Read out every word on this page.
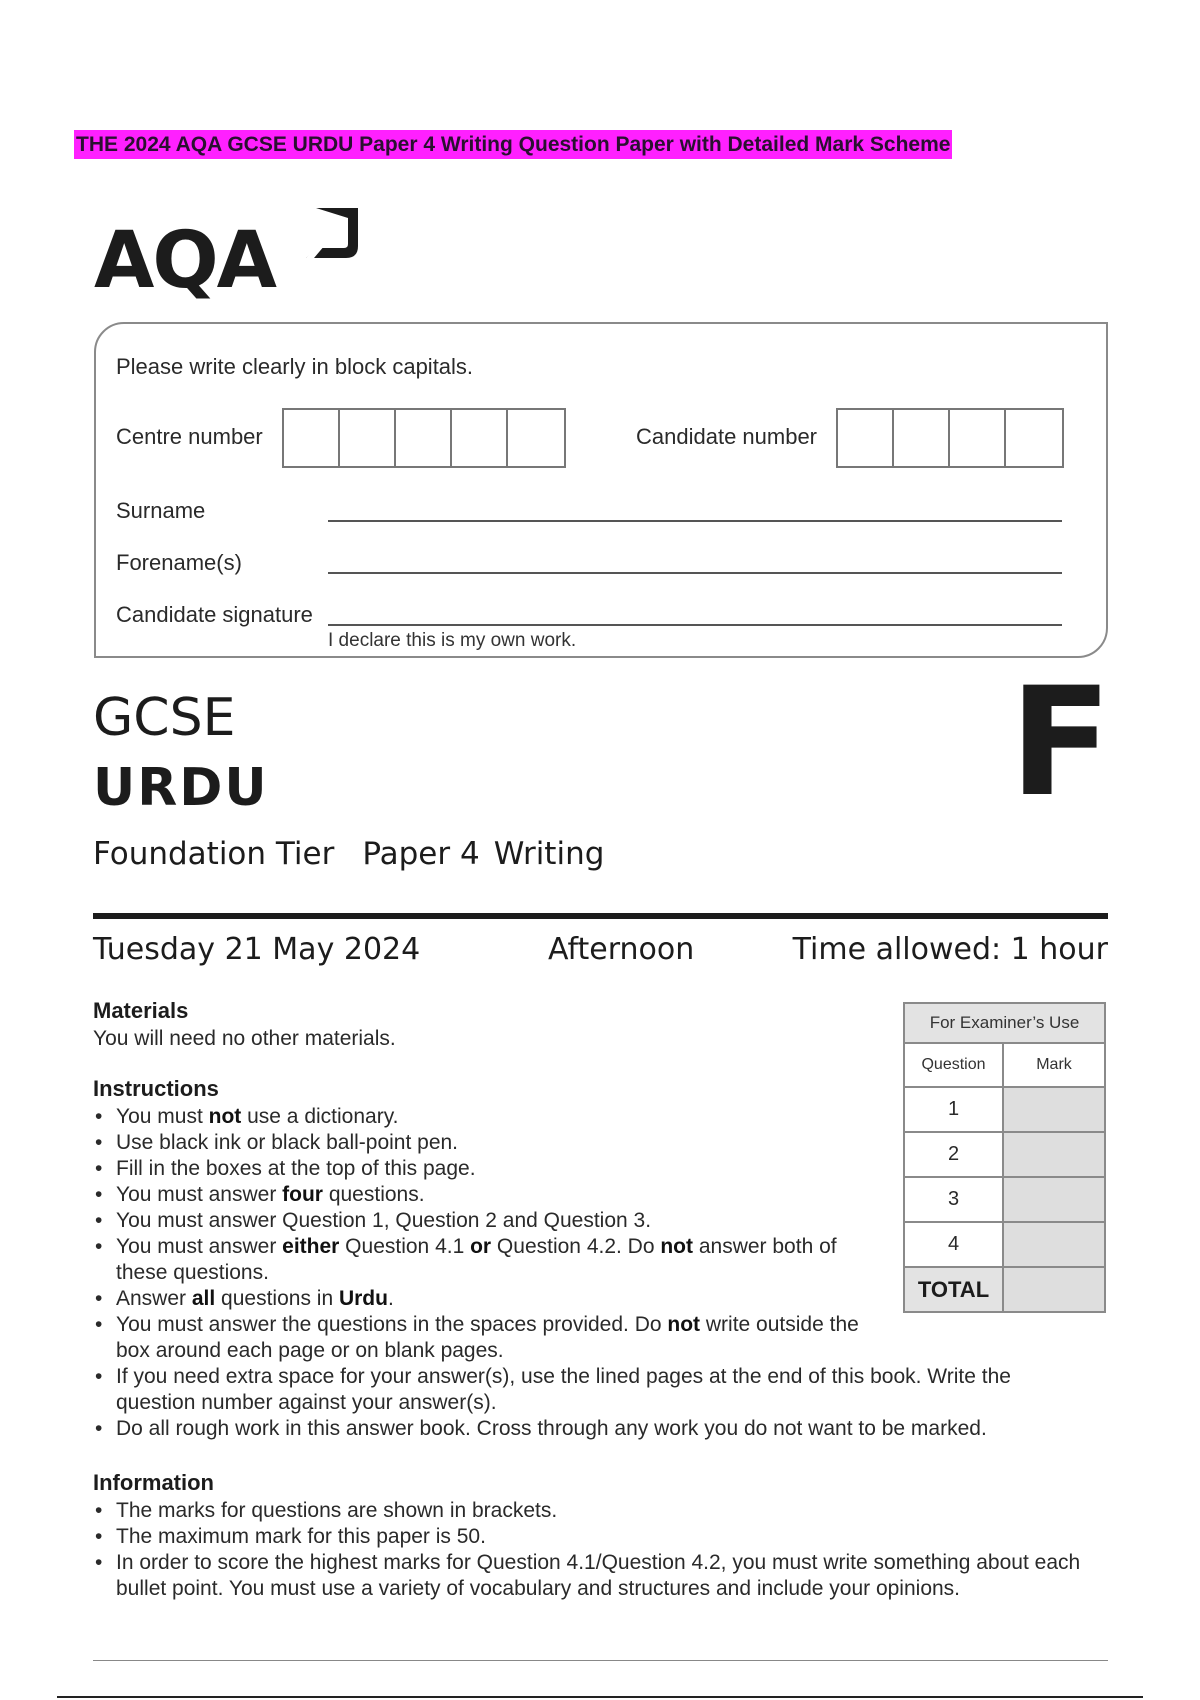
THE 2024 AQA GCSE URDU Paper 4 Writing Question Paper with Detailed Mark Scheme
AQA
Please write clearly in block capitals.
Centre number	Candidate number
Surname
Forename(s)
Candidate signature
I declare this is my own work.
GCSE
URDU
Foundation Tier Paper 4 Writing
F
Tuesday 21 May 2024	Afternoon	Time allowed: 1 hour
Materials

You will need no other materials.

Instructions
• You must not use a dictionary.
• Use black ink or black ball-point pen.
• Fill in the boxes at the top of this page.
• You must answer four questions.
• You must answer Question 1, Question 2 and Question 3.
• You must answer either Question 4.1 or Question 4.2. Do not answer both of these questions.
• Answer all questions in Urdu.
• You must answer the questions in the spaces provided. Do not write outside the box around each page or on blank pages.
• If you need extra space for your answer(s), use the lined pages at the end of this book. Write the question number against your answer(s).
• Do all rough work in this answer book. Cross through any work you do not want to be marked.
Information
• The marks for questions are shown in brackets.
• The maximum mark for this paper is 50.
• In order to score the highest marks for Question 4.1/Question 4.2, you must write something about each bullet point. You must use a variety of vocabulary and structures and include your opinions.
For Examiner’s Use	
Question	Mark
1	
2	
3	
4	
TOTAL	
